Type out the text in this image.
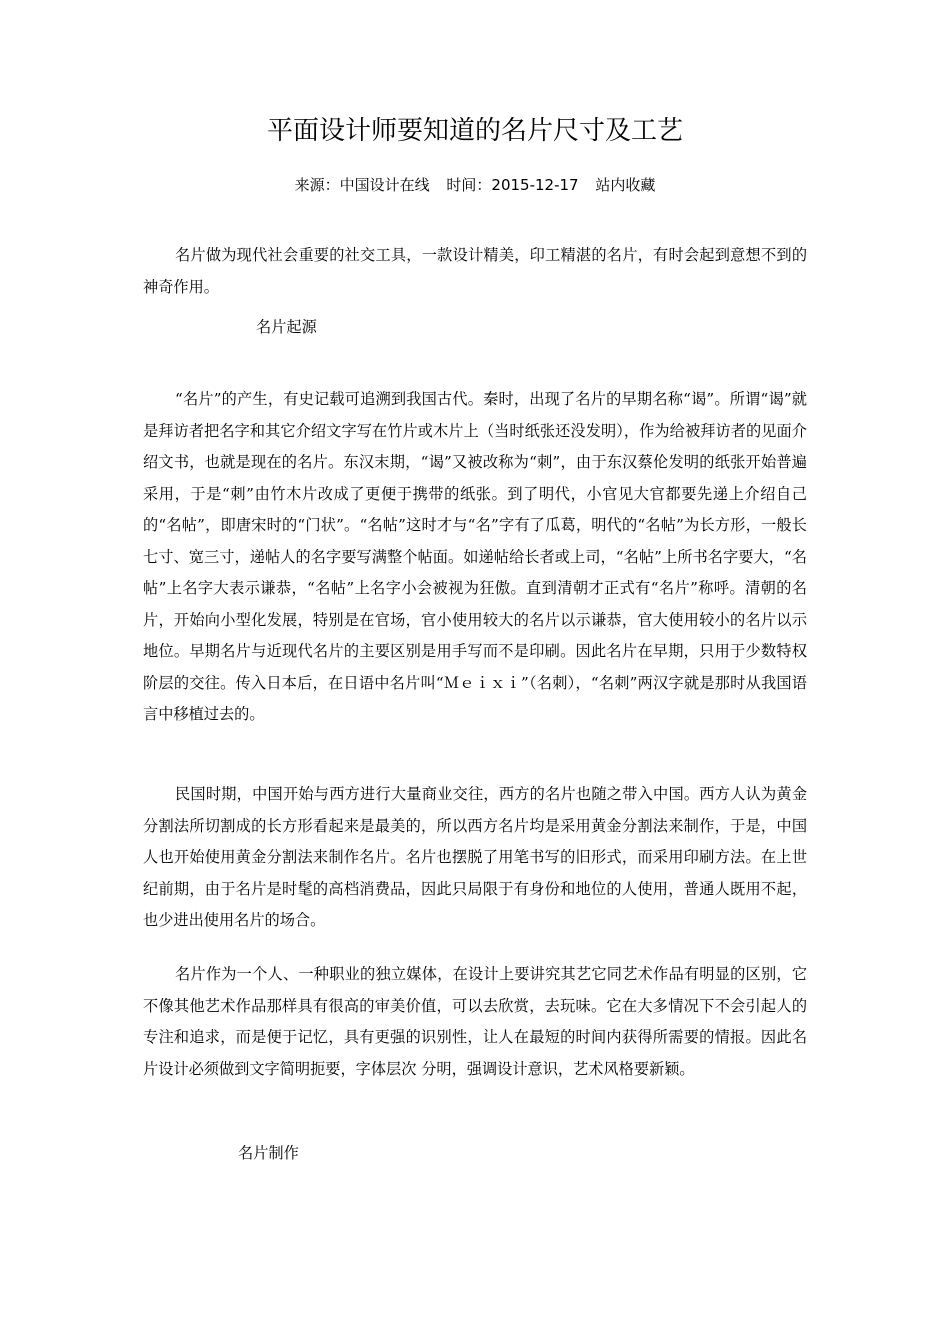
平面设计师要知道的名片尺寸及工艺
来源：中国设计在线 时间：2015-12-17 站内收藏

名片做为现代社会重要的社交工具，一款设计精美，印工精湛的名片，有时会起到意想不到的神奇作用。

名片起源

“名片”的产生，有史记载可追溯到我国古代。秦时，出现了名片的早期名称“谒”。所谓“谒”就是拜访者把名字和其它介绍文字写在竹片或木片上（当时纸张还没发明），作为给被拜访者的见面介绍文书，也就是现在的名片。东汉末期，“谒”又被改称为“刺”，由于东汉蔡伦发明的纸张开始普遍采用，于是“刺”由竹木片改成了更便于携带的纸张。到了明代，小官见大官都要先递上介绍自己的“名帖”，即唐宋时的“门状”。“名帖”这时才与“名”字有了瓜葛，明代的“名帖”为长方形，一般长七寸、宽三寸，递帖人的名字要写满整个帖面。如递帖给长者或上司，“名帖”上所书名字要大，“名帖”上名字大表示谦恭，“名帖”上名字小会被视为狂傲。直到清朝才正式有“名片”称呼。清朝的名片，开始向小型化发展，特别是在官场，官小使用较大的名片以示谦恭，官大使用较小的名片以示地位。早期名片与近现代名片的主要区别是用手写而不是印刷。因此名片在早期，只用于少数特权阶层的交往。传入日本后，在日语中名片叫“Ｍｅｉｘｉ”（名刺），“名刺”两汉字就是那时从我国语言中移植过去的。

民国时期，中国开始与西方进行大量商业交往，西方的名片也随之带入中国。西方人认为黄金分割法所切割成的长方形看起来是最美的，所以西方名片均是采用黄金分割法来制作，于是，中国人也开始使用黄金分割法来制作名片。名片也摆脱了用笔书写的旧形式，而采用印刷方法。在上世纪前期，由于名片是时髦的高档消费品，因此只局限于有身份和地位的人使用，普通人既用不起，也少进出使用名片的场合。

名片作为一个人、一种职业的独立媒体，在设计上要讲究其艺它同艺术作品有明显的区别，它不像其他艺术作品那样具有很高的审美价值，可以去欣赏，去玩味。它在大多情况下不会引起人的专注和追求，而是便于记忆，具有更强的识别性，让人在最短的时间内获得所需要的情报。因此名片设计必须做到文字简明扼要，字体层次 分明，强调设计意识，艺术风格要新颖。

名片制作
